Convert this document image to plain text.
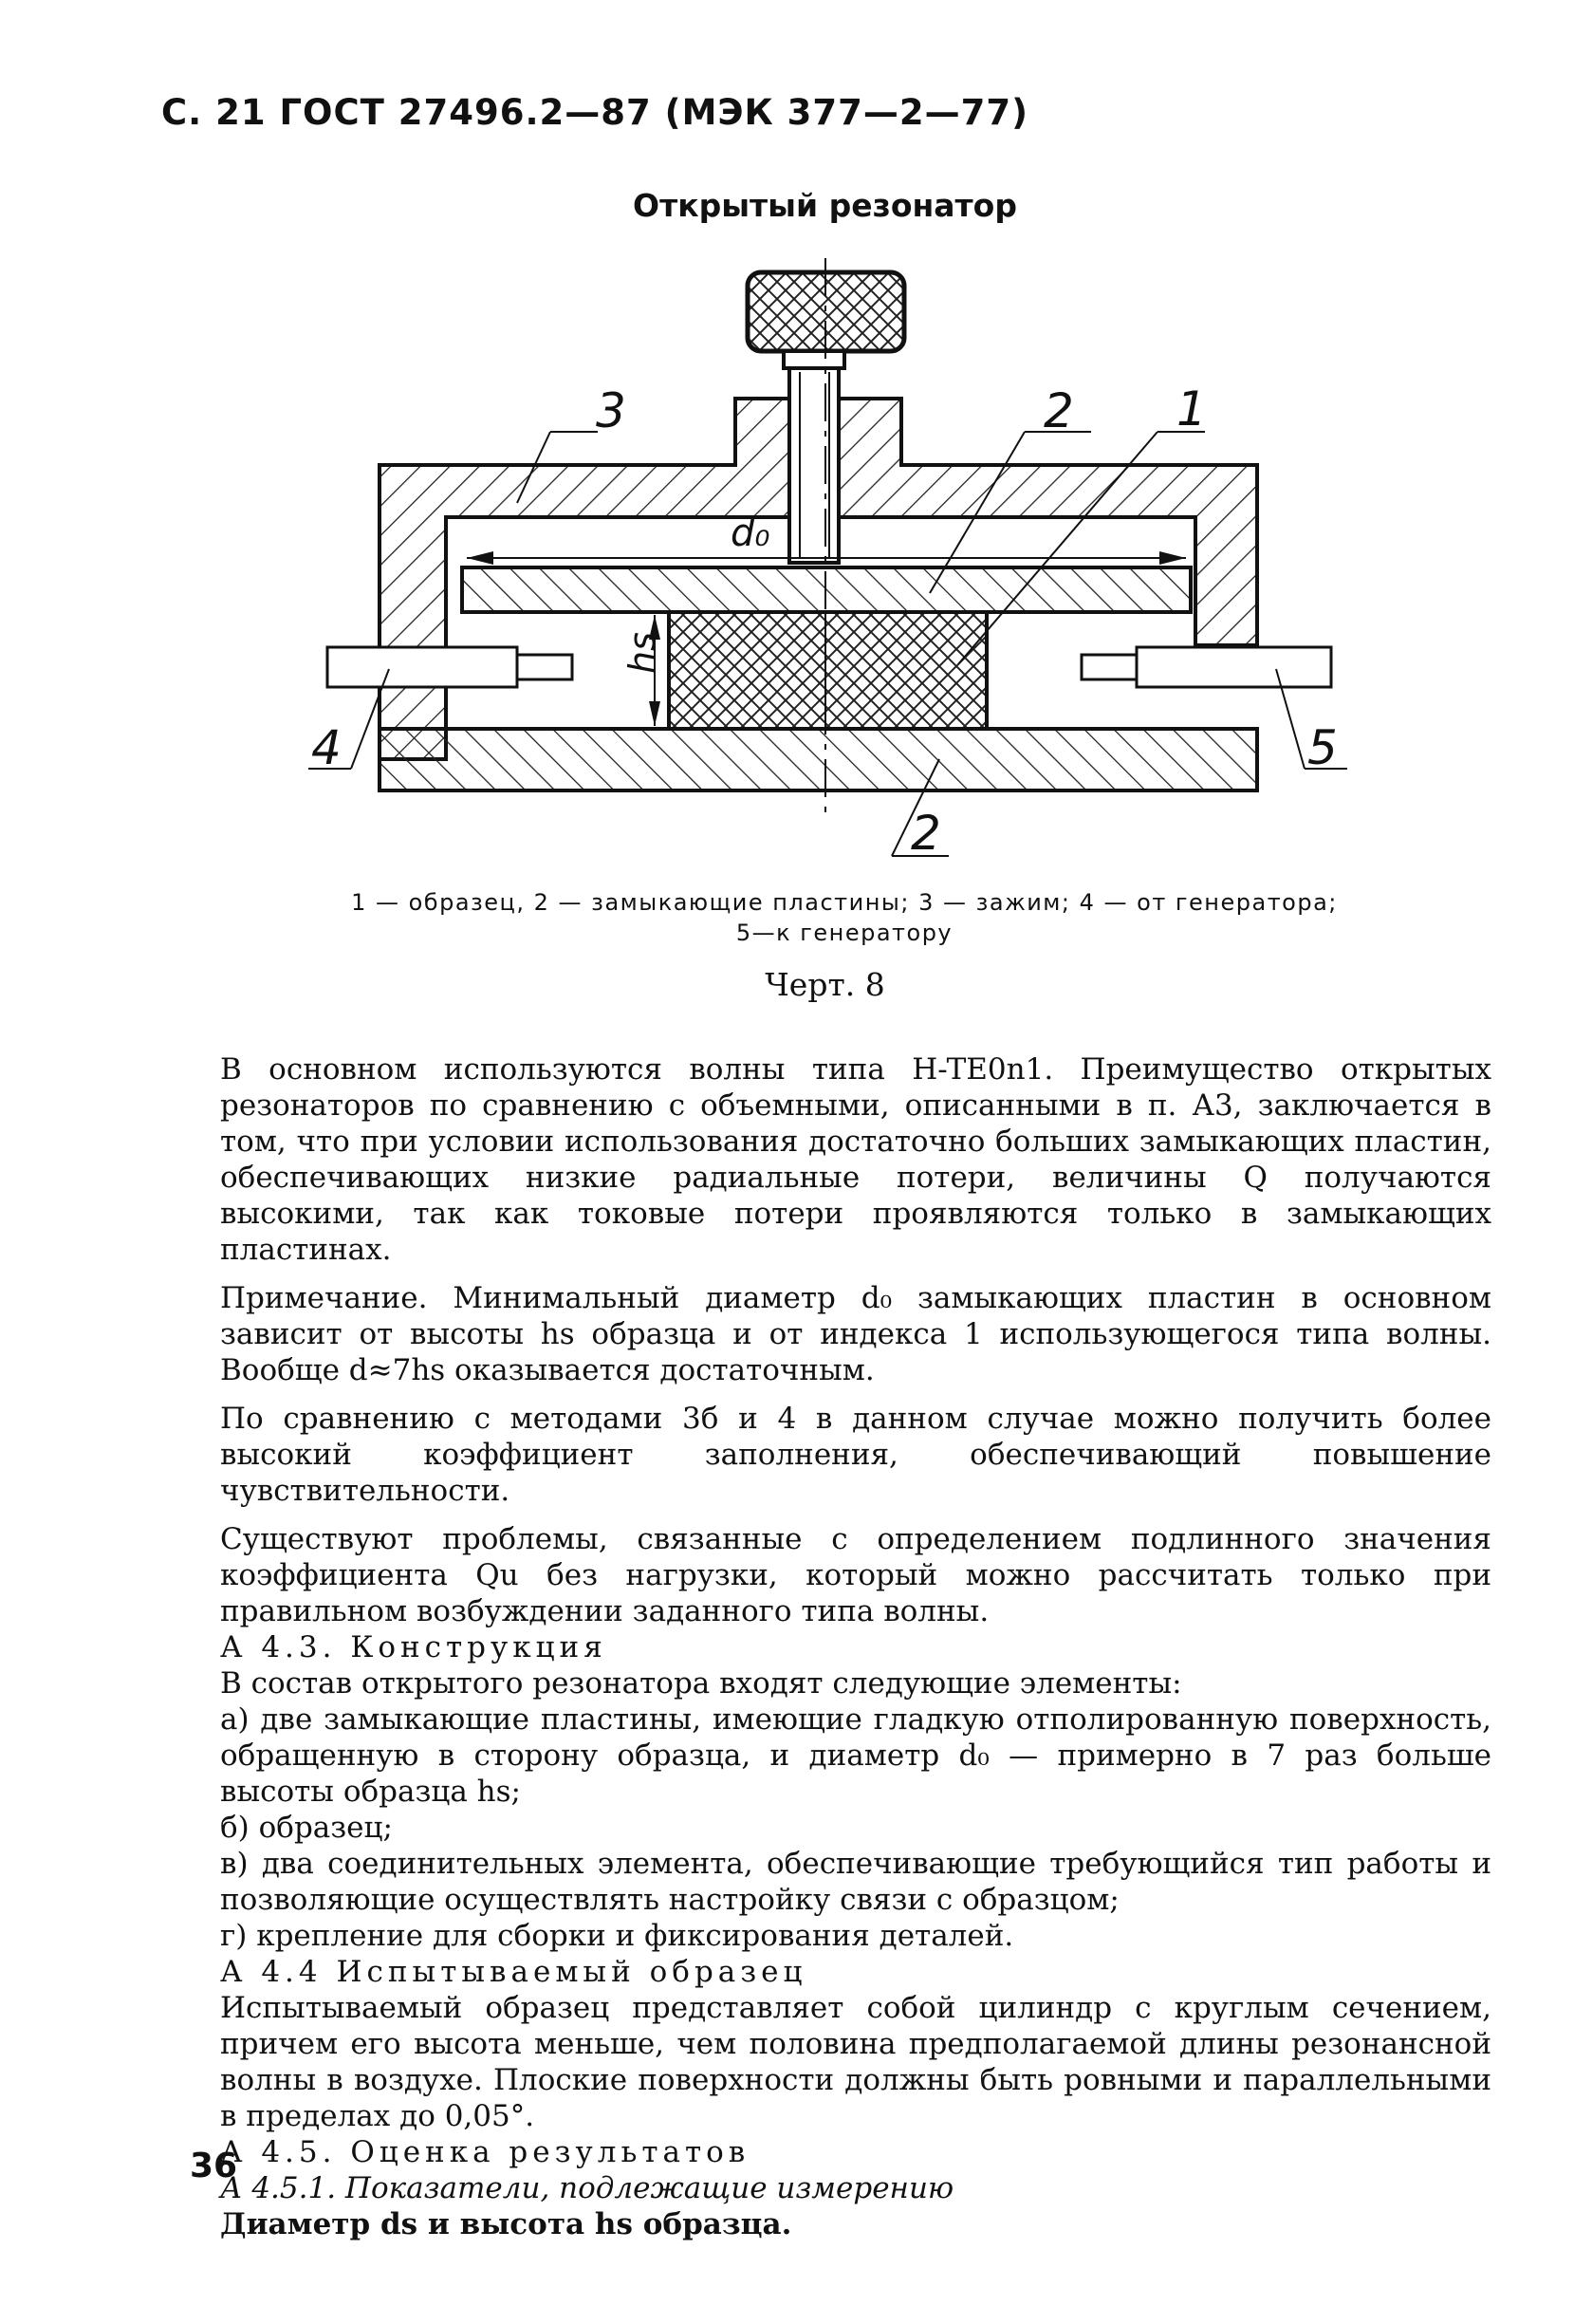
С. 21 ГОСТ 27496.2—87 (МЭК 377—2—77)
Открытый резонатор
3	2 1
4	5
2
d₀
hs
1 — образец, 2 — замыкающие пластины; 3 — зажим; 4 — от генератора;
5—к генератору
Черт. 8

В основном используются волны типа H-TE0n1. Преимущество открытых резонаторов по сравнению с объемными, описанными в п. А3, заключается в том, что при условии использования достаточно больших замыкающих пластин, обеспечивающих низкие радиальные потери, величины Q получаются высокими, так как токовые потери проявляются только в замыкающих пластинах.

Примечание. Минимальный диаметр d₀ замыкающих пластин в основном зависит от высоты hs образца и от индекса 1 использующегося типа волны. Вообще d≈7hs оказывается достаточным.

По сравнению с методами 3б и 4 в данном случае можно получить более высокий коэффициент заполнения, обеспечивающий повышение чувствительности.

Существуют проблемы, связанные с определением подлинного значения коэффициента Qu без нагрузки, который можно рассчитать только при правильном возбуждении заданного типа волны.

А 4.3. Конструкция

В состав открытого резонатора входят следующие элементы:

а) две замыкающие пластины, имеющие гладкую отполированную поверхность, обращенную в сторону образца, и диаметр d₀ — примерно в 7 раз больше высоты образца hs;

б) образец;

в) два соединительных элемента, обеспечивающие требующийся тип работы и позволяющие осуществлять настройку связи с образцом;

г) крепление для сборки и фиксирования деталей.

А 4.4 Испытываемый образец

Испытываемый образец представляет собой цилиндр с круглым сечением, причем его высота меньше, чем половина предполагаемой длины резонансной волны в воздухе. Плоские поверхности должны быть ровными и параллельными в пределах до 0,05°.

А 4.5. Оценка результатов

А 4.5.1. Показатели, подлежащие измерению

Диаметр ds и высота hs образца.

36
